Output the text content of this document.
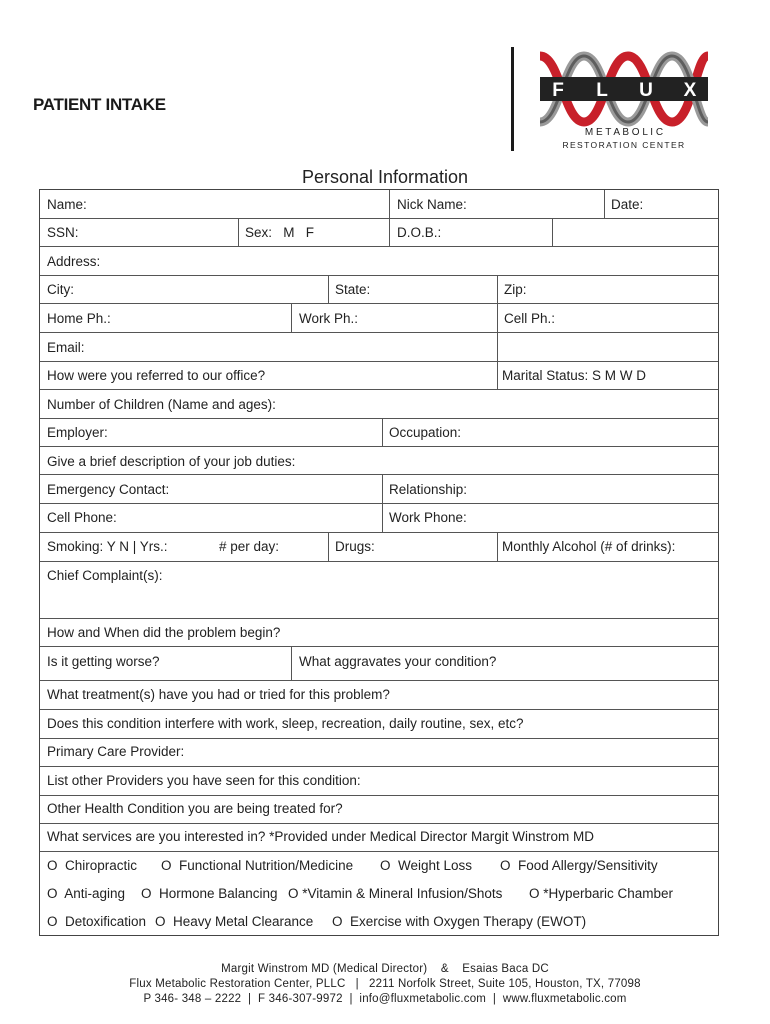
PATIENT INTAKE
F L U X
M E T A B O L I C
RESTORATION CENTER
Personal Information
Name:	Nick Name:	Date:
SSN:	Sex:   M   F	D.O.B.:
Address:
City:	State:	Zip:
Home Ph.:	Work Ph.:	Cell Ph.:
Email:
How were you referred to our office?	Marital Status: S M W D
Number of Children (Name and ages):
Employer:	Occupation:
Give a brief description of your job duties:
Emergency Contact:	Relationship:
Cell Phone:	Work Phone:
Smoking: Y N | Yrs.:	# per day:	Drugs:	Monthly Alcohol (# of drinks):
Chief Complaint(s):
How and When did the problem begin?
Is it getting worse?	What aggravates your condition?
What treatment(s) have you had or tried for this problem?
Does this condition interfere with work, sleep, recreation, daily routine, sex, etc?
Primary Care Provider:
List other Providers you have seen for this condition:
Other Health Condition you are being treated for?
What services are you interested in? *Provided under Medical Director Margit Winstrom MD
O  Chiropractic O  Functional Nutrition/Medicine O  Weight Loss O  Food Allergy/Sensitivity
O  Anti-aging O  Hormone Balancing O *Vitamin & Mineral Infusion/Shots O *Hyperbaric Chamber
O  Detoxification O  Heavy Metal Clearance O  Exercise with Oxygen Therapy (EWOT)
Margit Winstrom MD (Medical Director)    &    Esaias Baca DC
Flux Metabolic Restoration Center, PLLC   |   2211 Norfolk Street, Suite 105, Houston, TX, 77098
P 346- 348 – 2222  |  F 346-307-9972  |  info@fluxmetabolic.com  |  www.fluxmetabolic.com
